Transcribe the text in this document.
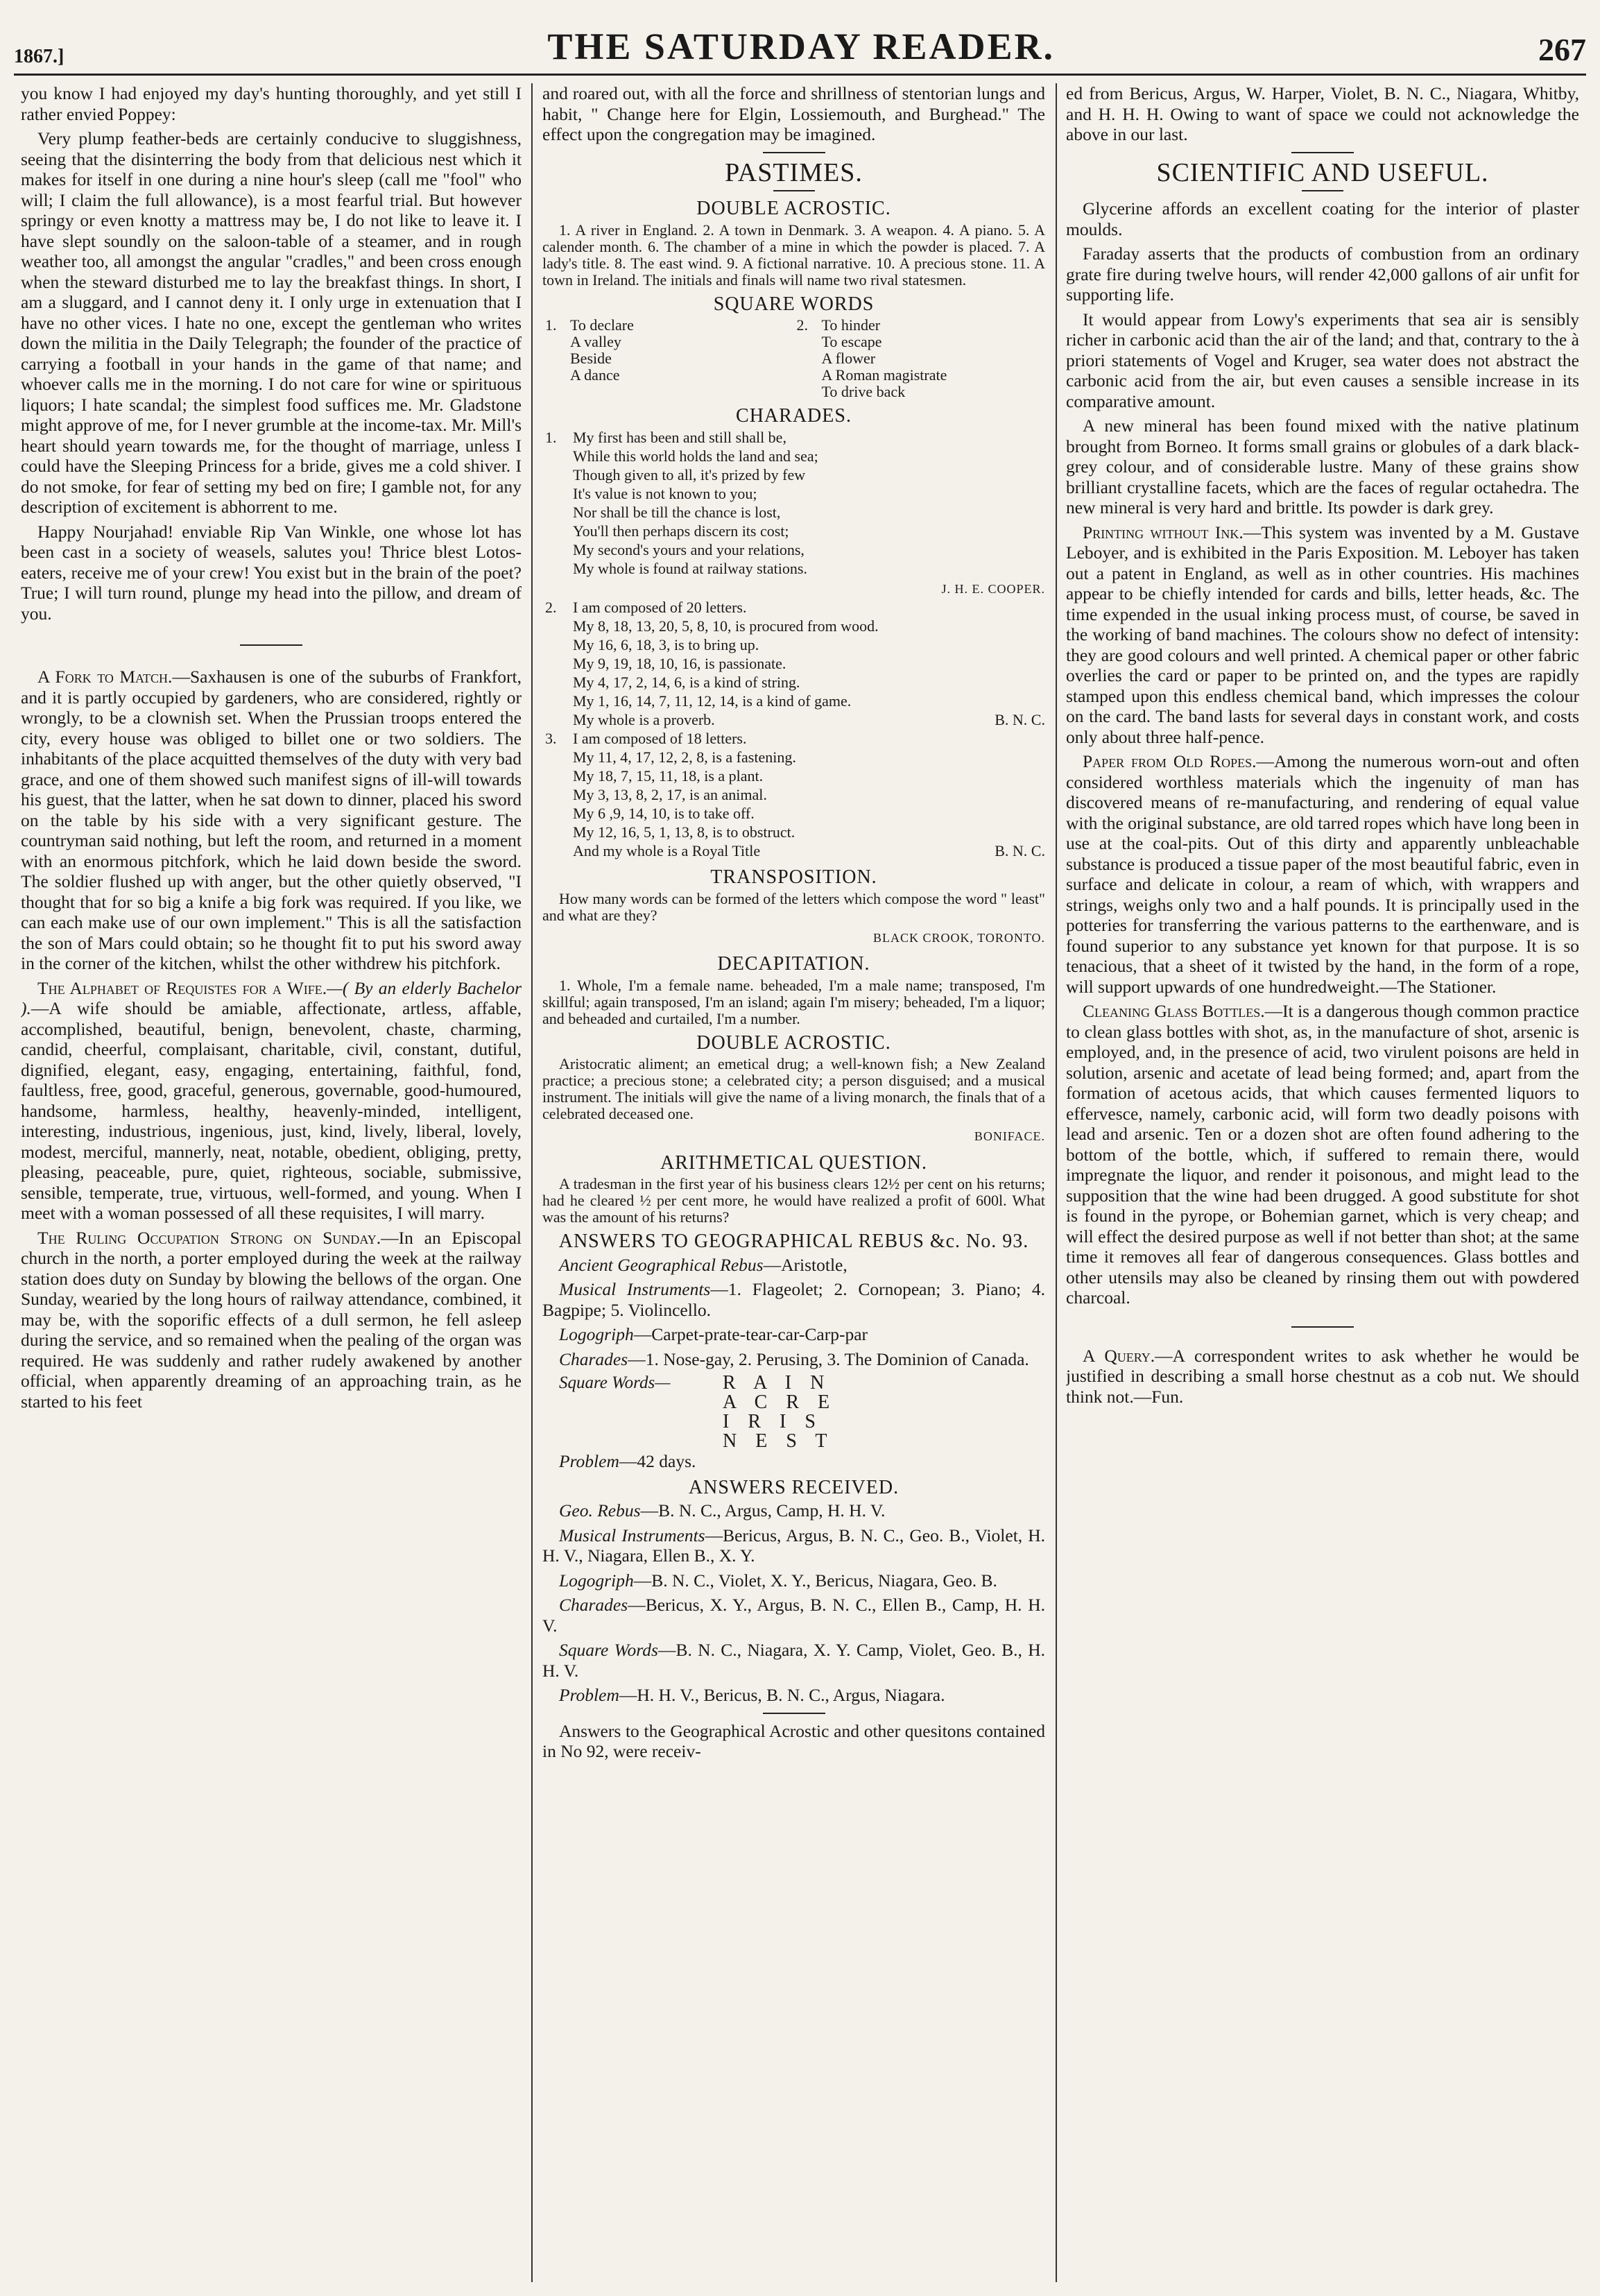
1867.]	THE SATURDAY READER.	267

you know I had enjoyed my day's hunting thoroughly, and yet still I rather envied Poppey:

Very plump feather-beds are certainly conducive to sluggishness, seeing that the disinterring the body from that delicious nest which it makes for itself in one during a nine hour's sleep (call me "fool" who will; I claim the full allowance), is a most fearful trial. But however springy or even knotty a mattress may be, I do not like to leave it. I have slept soundly on the saloon-table of a steamer, and in rough weather too, all amongst the angular "cradles," and been cross enough when the steward disturbed me to lay the breakfast things. In short, I am a sluggard, and I cannot deny it. I only urge in extenuation that I have no other vices. I hate no one, except the gentleman who writes down the militia in the Daily Telegraph; the founder of the practice of carrying a football in your hands in the game of that name; and whoever calls me in the morning. I do not care for wine or spirituous liquors; I hate scandal; the simplest food suffices me. Mr. Gladstone might approve of me, for I never grumble at the income-tax. Mr. Mill's heart should yearn towards me, for the thought of marriage, unless I could have the Sleeping Princess for a bride, gives me a cold shiver. I do not smoke, for fear of setting my bed on fire; I gamble not, for any description of excitement is abhorrent to me.

Happy Nourjahad! enviable Rip Van Winkle, one whose lot has been cast in a society of weasels, salutes you! Thrice blest Lotos-eaters, receive me of your crew! You exist but in the brain of the poet? True; I will turn round, plunge my head into the pillow, and dream of you.

A Fork to Match.—Saxhausen is one of the suburbs of Frankfort, and it is partly occupied by gardeners, who are considered, rightly or wrongly, to be a clownish set. When the Prussian troops entered the city, every house was obliged to billet one or two soldiers. The inhabitants of the place acquitted themselves of the duty with very bad grace, and one of them showed such manifest signs of ill-will towards his guest, that the latter, when he sat down to dinner, placed his sword on the table by his side with a very significant gesture. The countryman said nothing, but left the room, and returned in a moment with an enormous pitchfork, which he laid down beside the sword. The soldier flushed up with anger, but the other quietly observed, "I thought that for so big a knife a big fork was required. If you like, we can each make use of our own implement." This is all the satisfaction the son of Mars could obtain; so he thought fit to put his sword away in the corner of the kitchen, whilst the other withdrew his pitchfork.

The Alphabet of Requistes for a Wife.—( By an elderly Bachelor ).—A wife should be amiable, affectionate, artless, affable, accomplished, beautiful, benign, benevolent, chaste, charming, candid, cheerful, complaisant, charitable, civil, constant, dutiful, dignified, elegant, easy, engaging, entertaining, faithful, fond, faultless, free, good, graceful, generous, governable, good-humoured, handsome, harmless, healthy, heavenly-minded, intelligent, interesting, industrious, ingenious, just, kind, lively, liberal, lovely, modest, merciful, mannerly, neat, notable, obedient, obliging, pretty, pleasing, peaceable, pure, quiet, righteous, sociable, submissive, sensible, temperate, true, virtuous, well-formed, and young. When I meet with a woman possessed of all these requisites, I will marry.

The Ruling Occupation Strong on Sunday.—In an Episcopal church in the north, a porter employed during the week at the railway station does duty on Sunday by blowing the bellows of the organ. One Sunday, wearied by the long hours of railway attendance, combined, it may be, with the soporific effects of a dull sermon, he fell asleep during the service, and so remained when the pealing of the organ was required. He was suddenly and rather rudely awakened by another official, when apparently dreaming of an approaching train, as he started to his feet

and roared out, with all the force and shrillness of stentorian lungs and habit, " Change here for Elgin, Lossiemouth, and Burghead." The effect upon the congregation may be imagined.

PASTIMES.
DOUBLE ACROSTIC.

1. A river in England. 2. A town in Denmark. 3. A weapon. 4. A piano. 5. A calender month. 6. The chamber of a mine in which the powder is placed. 7. A lady's title. 8. The east wind. 9. A fictional narrative. 10. A precious stone. 11. A town in Ireland. The initials and finals will name two rival statesmen.

SQUARE WORDS
1. To declare
A valley
Beside
A dance
2. To hinder
To escape
A flower
A Roman magistrate
To drive back
CHARADES.
1.	My first has been and still shall be,
While this world holds the land and sea;
Though given to all, it's prized by few
It's value is not known to you;
Nor shall be till the chance is lost,
You'll then perhaps discern its cost;
My second's yours and your relations,
My whole is found at railway stations.
J. H. E. COOPER.
2.	I am composed of 20 letters.
My 8, 18, 13, 20, 5, 8, 10, is procured from wood.
My 16, 6, 18, 3, is to bring up.
My 9, 19, 18, 10, 16, is passionate.
My 4, 17, 2, 14, 6, is a kind of string.
My 1, 16, 14, 7, 11, 12, 14, is a kind of game.
My whole is a proverb.	B. N. C.
3.	I am composed of 18 letters.
My 11, 4, 17, 12, 2, 8, is a fastening.
My 18, 7, 15, 11, 18, is a plant.
My 3, 13, 8, 2, 17, is an animal.
My 6 ,9, 14, 10, is to take off.
My 12, 16, 5, 1, 13, 8, is to obstruct.
And my whole is a Royal Title	B. N. C.
TRANSPOSITION.

How many words can be formed of the letters which compose the word " least" and what are they?

BLACK CROOK, TORONTO.
DECAPITATION.

1. Whole, I'm a female name. beheaded, I'm a male name; transposed, I'm skillful; again transposed, I'm an island; again I'm misery; beheaded, I'm a liquor; and beheaded and curtailed, I'm a number.

DOUBLE ACROSTIC.

Aristocratic aliment; an emetical drug; a well-known fish; a New Zealand practice; a precious stone; a celebrated city; a person disguised; and a musical instrument. The initials will give the name of a living monarch, the finals that of a celebrated deceased one.

BONIFACE.
ARITHMETICAL QUESTION.

A tradesman in the first year of his business clears 12½ per cent on his returns; had he cleared ½ per cent more, he would have realized a profit of 600l. What was the amount of his returns?

ANSWERS TO GEOGRAPHICAL REBUS &c. No. 93.

Ancient Geographical Rebus—Aristotle,

Musical Instruments—1. Flageolet; 2. Cornopean; 3. Piano; 4. Bagpipe; 5. Violincello.

Logogriph—Carpet-prate-tear-car-Carp-par

Charades—1. Nose-gay, 2. Perusing, 3. The Dominion of Canada.

Square Words—	R A I N
A C R E
I R I S
N E S T

Problem—42 days.

ANSWERS RECEIVED.

Geo. Rebus—B. N. C., Argus, Camp, H. H. V.

Musical Instruments—Bericus, Argus, B. N. C., Geo. B., Violet, H. H. V., Niagara, Ellen B., X. Y.

Logogriph—B. N. C., Violet, X. Y., Bericus, Niagara, Geo. B.

Charades—Bericus, X. Y., Argus, B. N. C., Ellen B., Camp, H. H. V.

Square Words—B. N. C., Niagara, X. Y. Camp, Violet, Geo. B., H. H. V.

Problem—H. H. V., Bericus, B. N. C., Argus, Niagara.

Answers to the Geographical Acrostic and other quesitons contained in No 92, were receiv-

ed from Bericus, Argus, W. Harper, Violet, B. N. C., Niagara, Whitby, and H. H. H. Owing to want of space we could not acknowledge the above in our last.

SCIENTIFIC AND USEFUL.

Glycerine affords an excellent coating for the interior of plaster moulds.

Faraday asserts that the products of combustion from an ordinary grate fire during twelve hours, will render 42,000 gallons of air unfit for supporting life.

It would appear from Lowy's experiments that sea air is sensibly richer in carbonic acid than the air of the land; and that, contrary to the à priori statements of Vogel and Kruger, sea water does not abstract the carbonic acid from the air, but even causes a sensible increase in its comparative amount.

A new mineral has been found mixed with the native platinum brought from Borneo. It forms small grains or globules of a dark black-grey colour, and of considerable lustre. Many of these grains show brilliant crystalline facets, which are the faces of regular octahedra. The new mineral is very hard and brittle. Its powder is dark grey.

Printing without Ink.—This system was invented by a M. Gustave Leboyer, and is exhibited in the Paris Exposition. M. Leboyer has taken out a patent in England, as well as in other countries. His machines appear to be chiefly intended for cards and bills, letter heads, &c. The time expended in the usual inking process must, of course, be saved in the working of band machines. The colours show no defect of intensity: they are good colours and well printed. A chemical paper or other fabric overlies the card or paper to be printed on, and the types are rapidly stamped upon this endless chemical band, which impresses the colour on the card. The band lasts for several days in constant work, and costs only about three half-pence.

Paper from Old Ropes.—Among the numerous worn-out and often considered worthless materials which the ingenuity of man has discovered means of re-manufacturing, and rendering of equal value with the original substance, are old tarred ropes which have long been in use at the coal-pits. Out of this dirty and apparently unbleachable substance is produced a tissue paper of the most beautiful fabric, even in surface and delicate in colour, a ream of which, with wrappers and strings, weighs only two and a half pounds. It is principally used in the potteries for transferring the various patterns to the earthenware, and is found superior to any substance yet known for that purpose. It is so tenacious, that a sheet of it twisted by the hand, in the form of a rope, will support upwards of one hundredweight.—The Stationer.

Cleaning Glass Bottles.—It is a dangerous though common practice to clean glass bottles with shot, as, in the manufacture of shot, arsenic is employed, and, in the presence of acid, two virulent poisons are held in solution, arsenic and acetate of lead being formed; and, apart from the formation of acetous acids, that which causes fermented liquors to effervesce, namely, carbonic acid, will form two deadly poisons with lead and arsenic. Ten or a dozen shot are often found adhering to the bottom of the bottle, which, if suffered to remain there, would impregnate the liquor, and render it poisonous, and might lead to the supposition that the wine had been drugged. A good substitute for shot is found in the pyrope, or Bohemian garnet, which is very cheap; and will effect the desired purpose as well if not better than shot; at the same time it removes all fear of dangerous consequences. Glass bottles and other utensils may also be cleaned by rinsing them out with powdered charcoal.

A Query.—A correspondent writes to ask whether he would be justified in describing a small horse chestnut as a cob nut. We should think not.—Fun.
